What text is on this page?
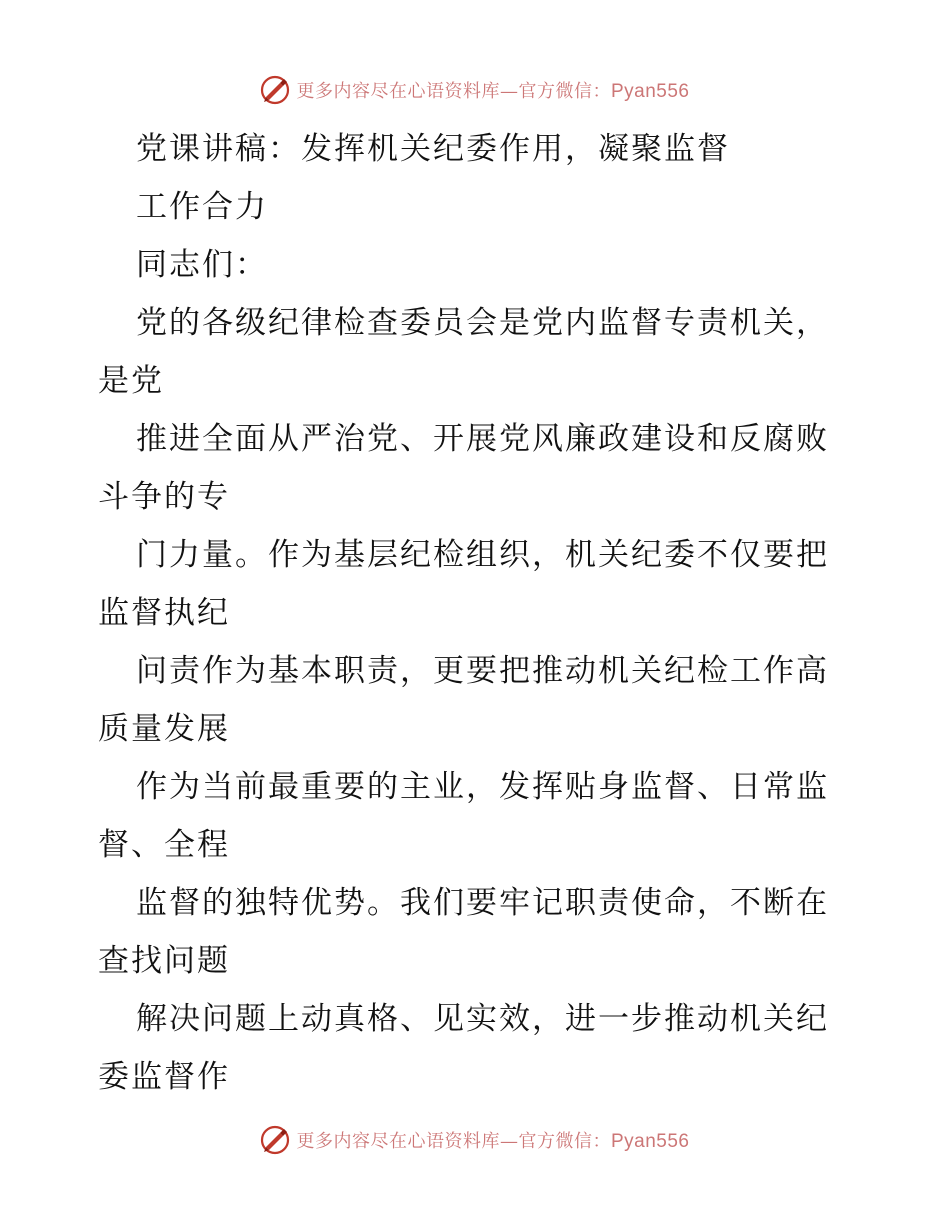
更多内容尽在心语资料库—官方微信：Pyan556
党课讲稿：发挥机关纪委作用，凝聚监督
工作合力
同志们：
党的各级纪律检查委员会是党内监督专责机关，
是党
推进全面从严治党、开展党风廉政建设和反腐败
斗争的专
门力量。作为基层纪检组织，机关纪委不仅要把
监督执纪
问责作为基本职责，更要把推动机关纪检工作高
质量发展
作为当前最重要的主业，发挥贴身监督、日常监
督、全程
监督的独特优势。我们要牢记职责使命，不断在
查找问题
解决问题上动真格、见实效，进一步推动机关纪
委监督作
更多内容尽在心语资料库—官方微信：Pyan556
